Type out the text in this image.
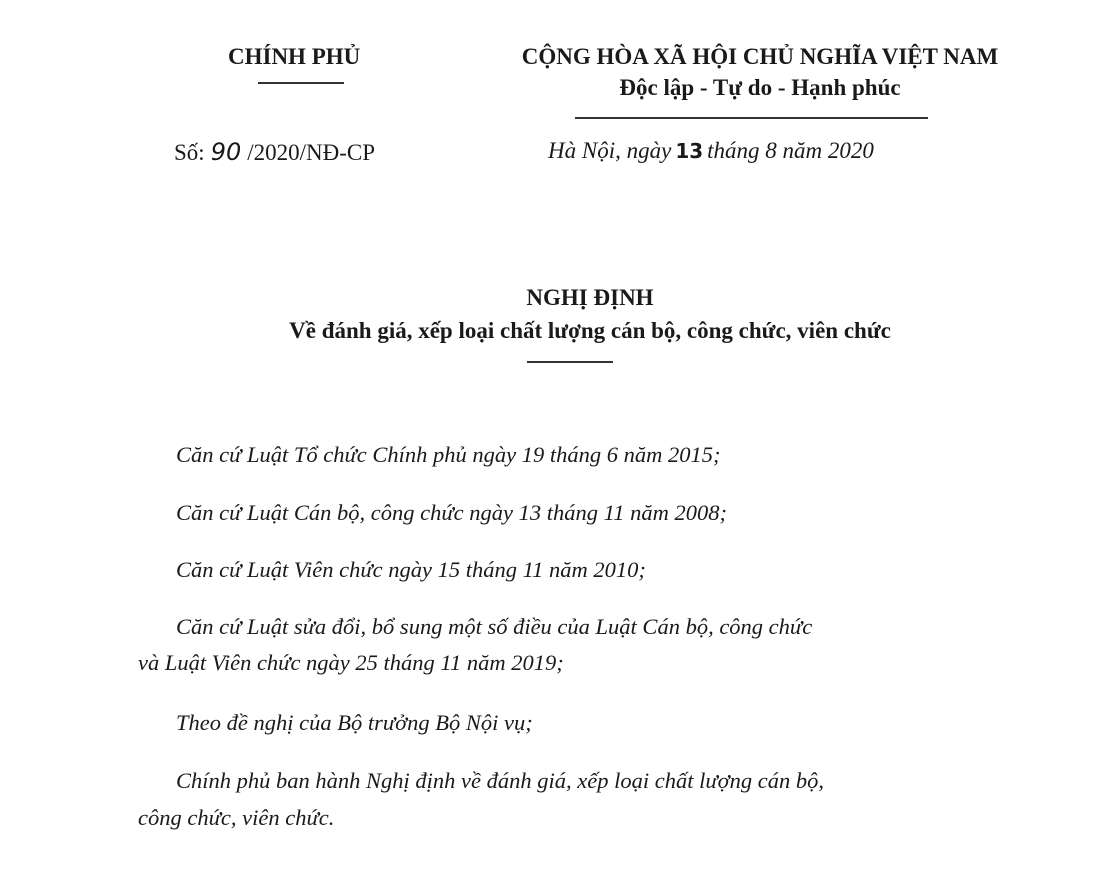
CHÍNH PHỦ	CỘNG HÒA XÃ HỘI CHỦ NGHĨA VIỆT NAM
Độc lập - Tự do - Hạnh phúc
Số: 90 /2020/NĐ-CP	Hà Nội, ngày 13 tháng 8 năm 2020
NGHỊ ĐỊNH
Về đánh giá, xếp loại chất lượng cán bộ, công chức, viên chức
Căn cứ Luật Tổ chức Chính phủ ngày 19 tháng 6 năm 2015;
Căn cứ Luật Cán bộ, công chức ngày 13 tháng 11 năm 2008;
Căn cứ Luật Viên chức ngày 15 tháng 11 năm 2010;
Căn cứ Luật sửa đổi, bổ sung một số điều của Luật Cán bộ, công chức
và Luật Viên chức ngày 25 tháng 11 năm 2019;
Theo đề nghị của Bộ trưởng Bộ Nội vụ;
Chính phủ ban hành Nghị định về đánh giá, xếp loại chất lượng cán bộ,
công chức, viên chức.
